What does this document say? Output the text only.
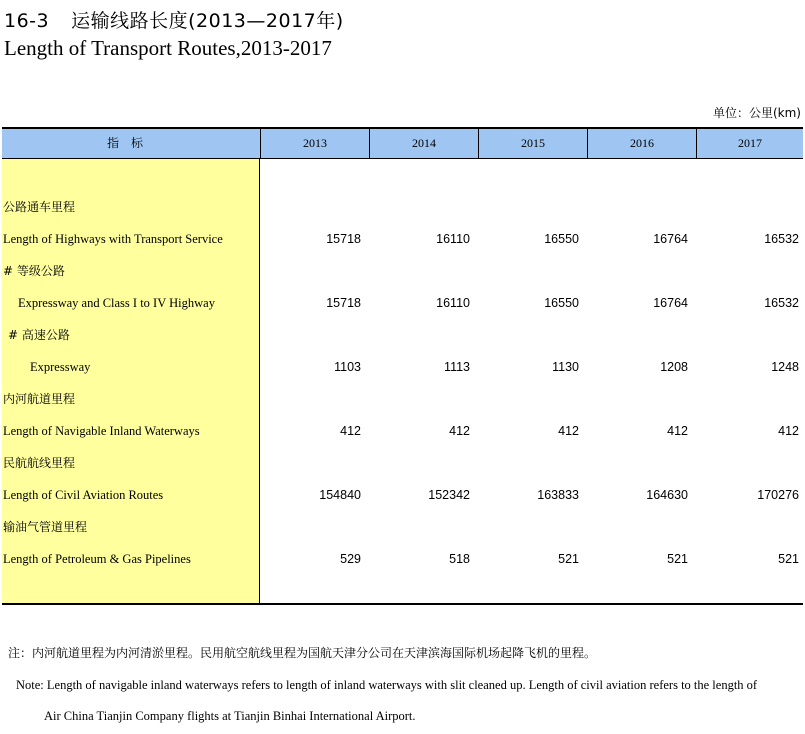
16-3 运输线路长度(2013—2017年)
Length of Transport Routes,2013-2017
单位：公里(km)
指标	2013	2014	2015	2016	2017
公路通车里程
Length of Highways with Transport Service	15718	16110	16550	16764	16532
# 等级公路
Expressway and Class I to IV Highway	15718	16110	16550	16764	16532
# 高速公路
Expressway	1103	1113	1130	1208	1248
内河航道里程
Length of Navigable Inland Waterways	412	412	412	412	412
民航航线里程
Length of Civil Aviation Routes	154840	152342	163833	164630	170276
输油气管道里程
Length of Petroleum & Gas Pipelines	529	518	521	521	521
注：内河航道里程为内河清淤里程。民用航空航线里程为国航天津分公司在天津滨海国际机场起降飞机的里程。
Note: Length of navigable inland waterways refers to length of inland waterways with slit cleaned up. Length of civil aviation refers to the length of
Air China Tianjin Company flights at Tianjin Binhai International Airport.
